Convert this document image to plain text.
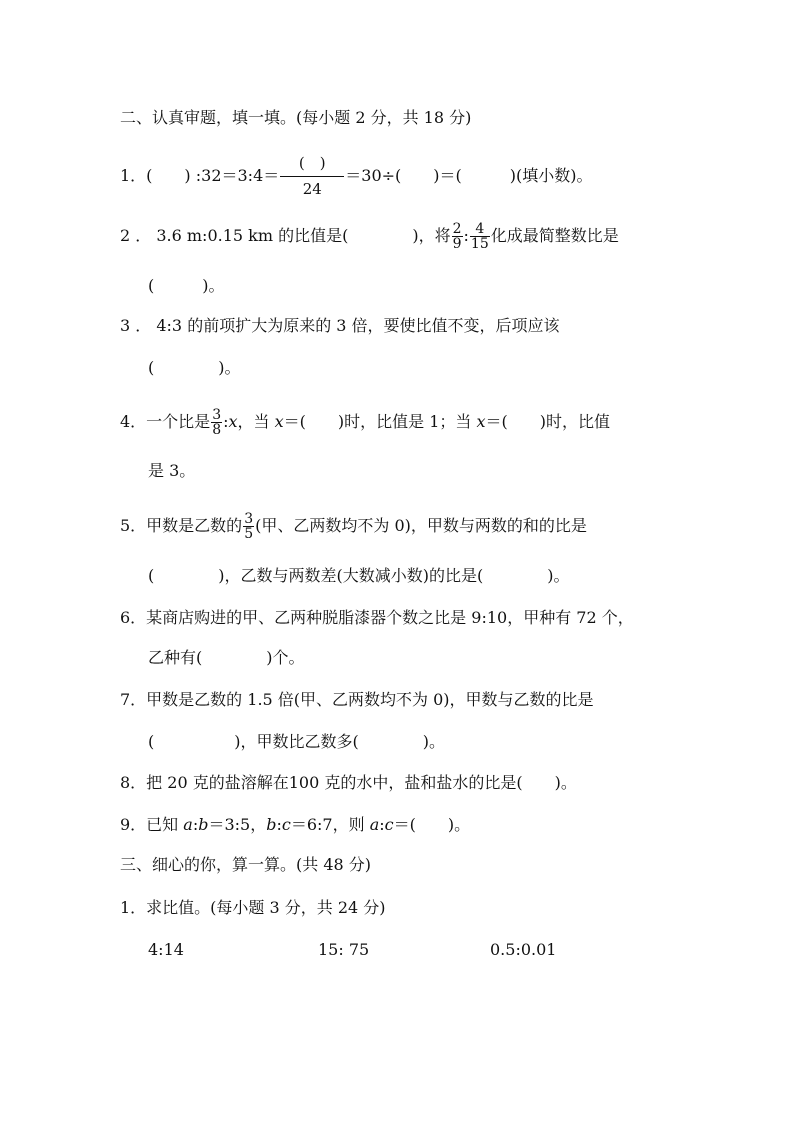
二、认真审题，填一填。(每小题 2 分，共 18 分)
1．(　　) :32＝3:4＝ $\frac{( )}{24} =30\div$(　　)＝(　　　)(填小数)。
2 ． 3.6 m:0.15 km 的比值是(　　　　)，将 $\frac{2}{9}$ : $\frac{4}{15}$ 化成最简整数比是
(　　　)。
3 ． 4:3 的前项扩大为原来的 3 倍，要使比值不变，后项应该
(　　　　)。
4．一个比是 $\frac{3}{8}$ :x，当 x＝(　　)时，比值是 1；当 x＝(　　)时，比值
是 3。
5．甲数是乙数的 $\frac{3}{5}$ (甲、乙两数均不为 0)，甲数与两数的和的比是
(　　　　)，乙数与两数差(大数减小数)的比是(　　　　)。
6．某商店购进的甲、乙两种脱脂漆器个数之比是 9:10，甲种有 72 个，
乙种有(　　　　)个。
7．甲数是乙数的 1.5 倍(甲、乙两数均不为 0)，甲数与乙数的比是
(　　　　　)，甲数比乙数多(　　　　)。
8．把 20 克的盐溶解在100 克的水中，盐和盐水的比是(　　)。
9．已知 a:b＝3:5，b:c＝6:7，则 a:c＝(　　)。
三、细心的你，算一算。(共 48 分)
1．求比值。(每小题 3 分，共 24 分)
4:14	15: 75	0.5:0.01
